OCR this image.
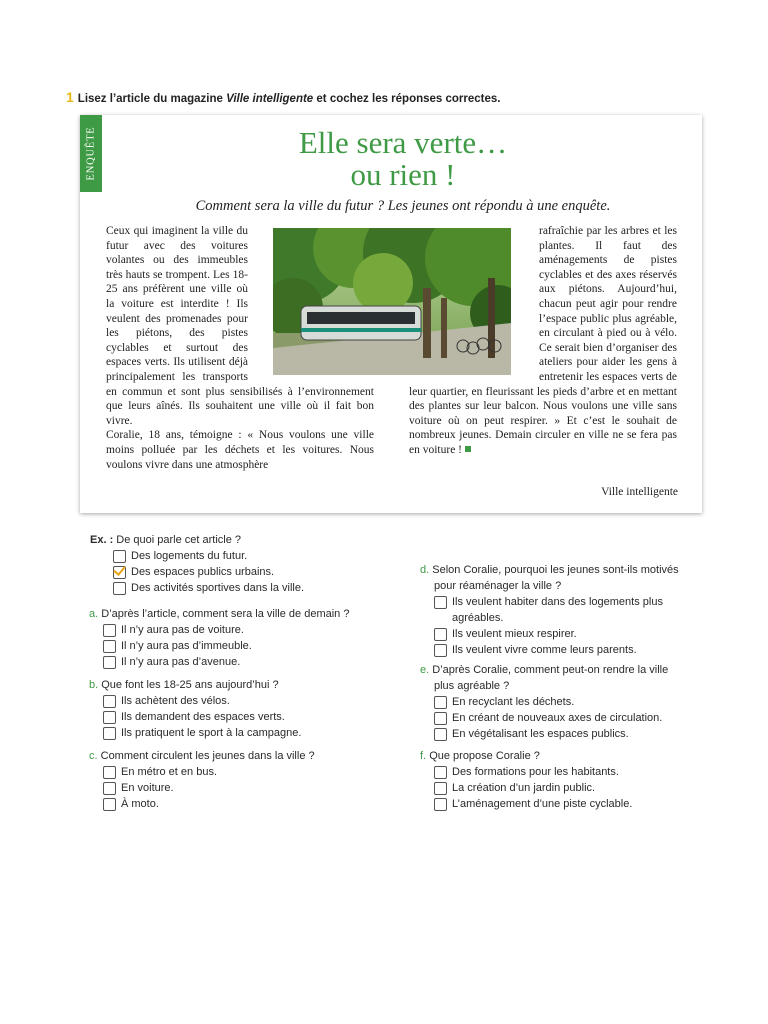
1 Lisez l’article du magazine Ville intelligente et cochez les réponses correctes.
ENQUÊTE	Elle sera verte…
ou rien !
Comment sera la ville du futur ? Les jeunes ont répondu à une enquête.

Ceux qui imaginent la ville du futur avec des voitures volantes ou des immeubles très hauts se trompent. Les 18-25 ans préfèrent une ville où la voiture est interdite ! Ils veulent des promenades pour les piétons, des pistes cyclables et surtout des espaces verts. Ils utilisent déjà principalement les transports en commun et sont plus sensibilisés à l’environnement que leurs aînés. Ils souhaitent une ville où il fait bon vivre.

Coralie, 18 ans, témoigne : « Nous voulons une ville moins polluée par les déchets et les voitures. Nous voulons vivre dans une atmosphère

rafraîchie par les arbres et les plantes. Il faut des aménagements de pistes cyclables et des axes réservés aux piétons. Aujourd’hui, chacun peut agir pour rendre l’espace public plus agréable, en circulant à pied ou à vélo. Ce serait bien d’organiser des ateliers pour aider les gens à entretenir les espaces verts de leur quartier, en fleurissant les pieds d’arbre et en mettant des plantes sur leur balcon. Nous voulons une ville sans voiture où on peut respirer. » Et c’est le souhait de nombreux jeunes. Demain circuler en ville ne se fera pas en voiture !

Ville intelligente
Ex. : De quoi parle cet article ?
Des logements du futur.
Des espaces publics urbains.
Des activités sportives dans la ville.
a. D’après l’article, comment sera la ville de demain ?
Il n’y aura pas de voiture.
Il n’y aura pas d’immeuble.
Il n’y aura pas d’avenue.
b. Que font les 18-25 ans aujourd’hui ?
Ils achètent des vélos.
Ils demandent des espaces verts.
Ils pratiquent le sport à la campagne.
c. Comment circulent les jeunes dans la ville ?
En métro et en bus.
En voiture.
À moto.
d. Selon Coralie, pourquoi les jeunes sont-ils motivés
pour réaménager la ville ?
Ils veulent habiter dans des logements plus
agréables.
Ils veulent mieux respirer.
Ils veulent vivre comme leurs parents.
e. D’après Coralie, comment peut-on rendre la ville
plus agréable ?
En recyclant les déchets.
En créant de nouveaux axes de circulation.
En végétalisant les espaces publics.
f. Que propose Coralie ?
Des formations pour les habitants.
La création d’un jardin public.
L’aménagement d’une piste cyclable.
